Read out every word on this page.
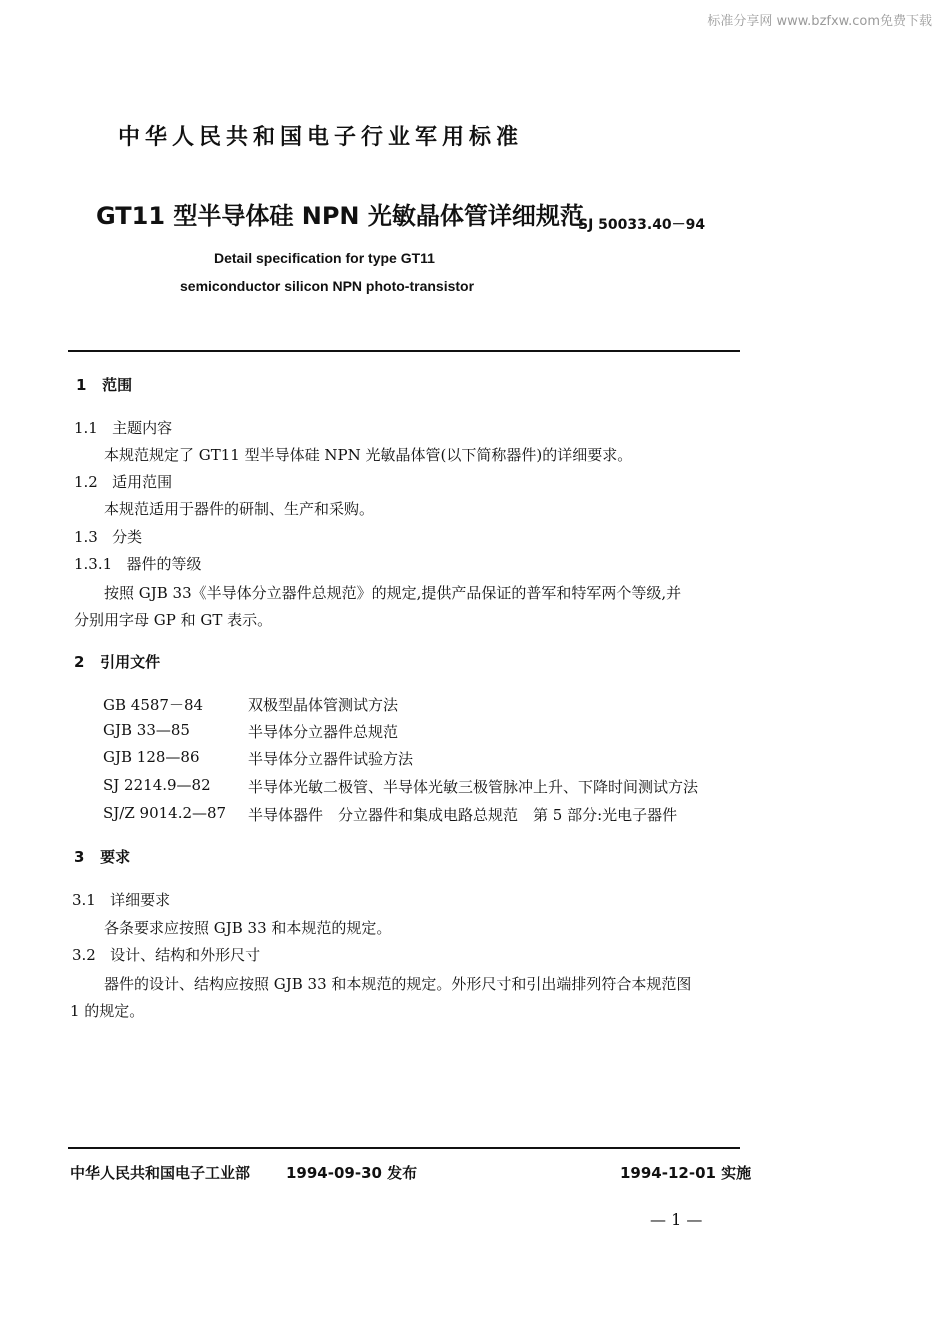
标准分享网 www.bzfxw.com免费下载
中华人民共和国电子行业军用标准
GT11 型半导体硅 NPN 光敏晶体管详细规范
SJ 50033.40－94
Detail specification for type GT11
semiconductor silicon NPN photo-transistor
1 范围
1.1 主题内容
本规范规定了 GT11 型半导体硅 NPN 光敏晶体管(以下简称器件)的详细要求。
1.2 适用范围
本规范适用于器件的研制、生产和采购。
1.3 分类
1.3.1 器件的等级
按照 GJB 33《半导体分立器件总规范》的规定,提供产品保证的普军和特军两个等级,并
分别用字母 GP 和 GT 表示。
2 引用文件
GB 4587－84	双极型晶体管测试方法
GJB 33—85	半导体分立器件总规范
GJB 128—86	半导体分立器件试验方法
SJ 2214.9—82 半导体光敏二极管、半导体光敏三极管脉冲上升、下降时间测试方法
SJ/Z 9014.2—87 半导体器件　分立器件和集成电路总规范　第 5 部分:光电子器件
3 要求
3.1 详细要求
各条要求应按照 GJB 33 和本规范的规定。
3.2 设计、结构和外形尺寸
器件的设计、结构应按照 GJB 33 和本规范的规定。外形尺寸和引出端排列符合本规范图
1 的规定。
中华人民共和国电子工业部 1994-09-30 发布	1994-12-01 实施
— 1 —
